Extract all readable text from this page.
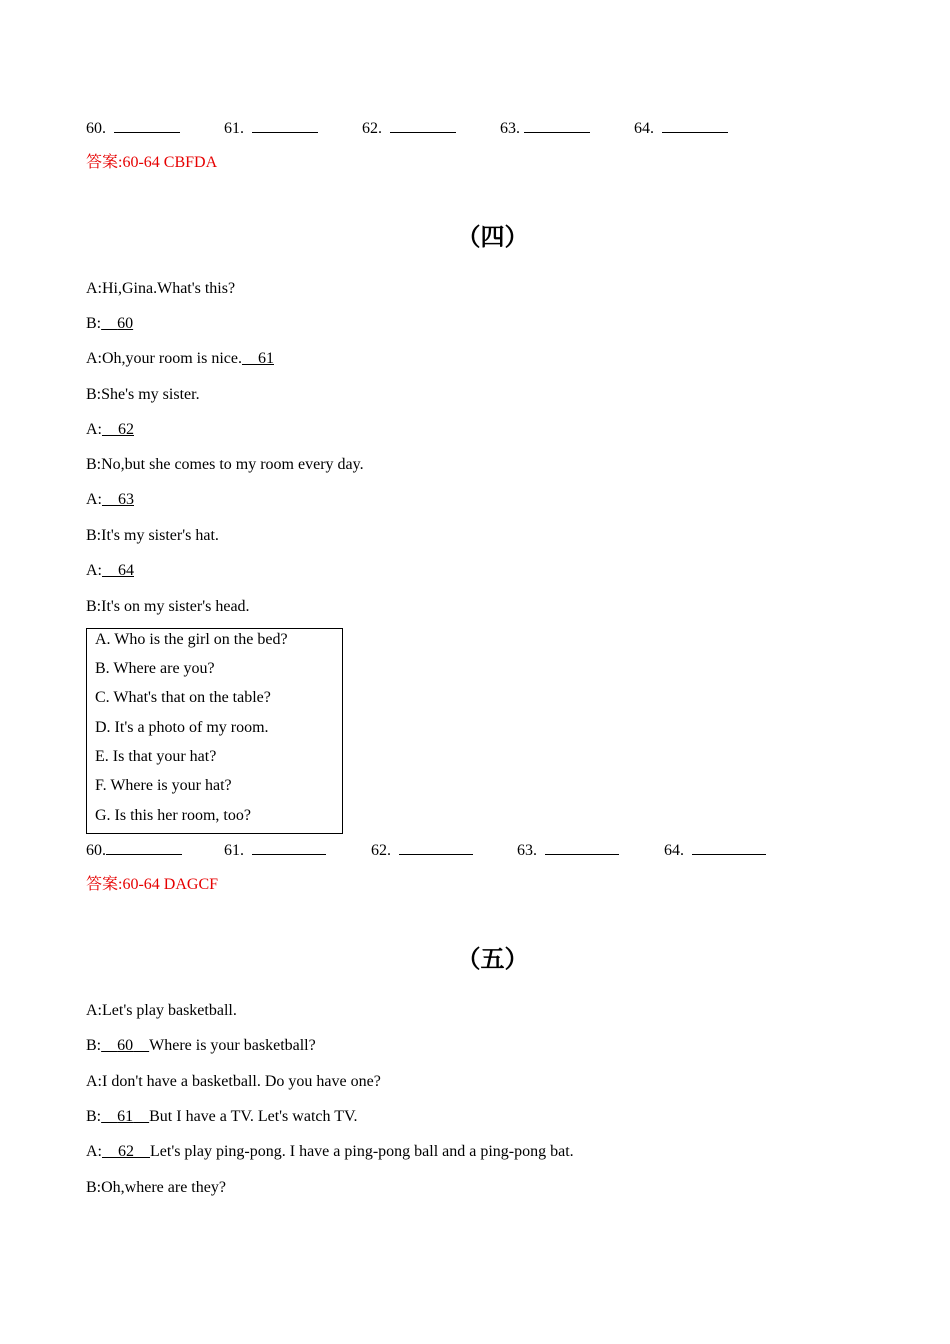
60.	61.	62.	63.	64.
答案:60-64 CBFDA
（四）
A:Hi,Gina.What's this?
B: 60
A:Oh,your room is nice. 61
B:She's my sister.
A: 62
B:No,but she comes to my room every day.
A: 63
B:It's my sister's hat.
A: 64
B:It's on my sister's head.
A. Who is the girl on the bed?
B. Where are you?
C. What's that on the table?
D. It's a photo of my room.
E. Is that your hat?
F. Where is your hat?
G. Is this her room, too?
60.	61.	62.	63.	64.
答案:60-64 DAGCF
（五）
A:Let's play basketball.
B: 60 Where is your basketball?
A:I don't have a basketball. Do you have one?
B: 61 But I have a TV. Let's watch TV.
A: 62 Let's play ping-pong. I have a ping-pong ball and a ping-pong bat.
B:Oh,where are they?
